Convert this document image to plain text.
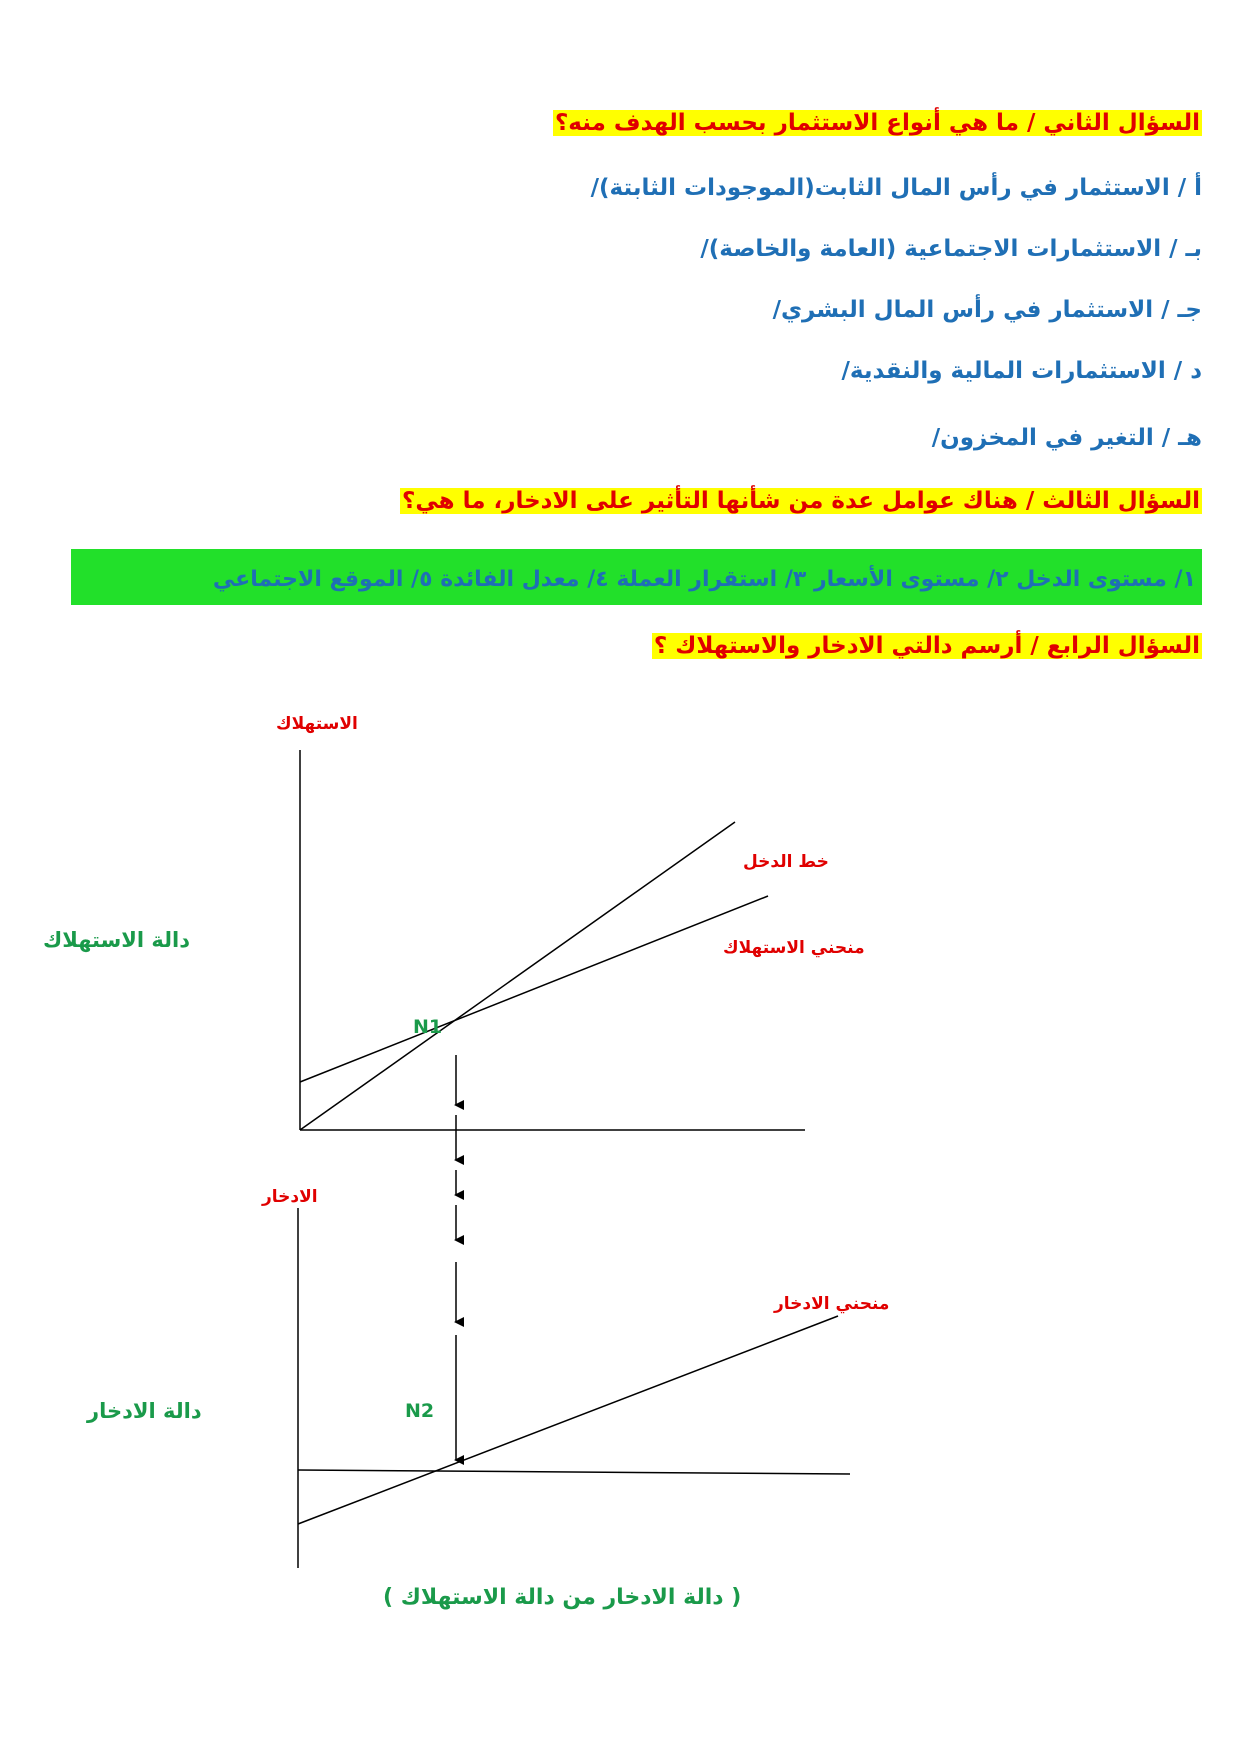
السؤال الثاني / ما هي أنواع الاستثمار بحسب الهدف منه؟
أ / الاستثمار في رأس المال الثابت(الموجودات الثابتة)/
بـ / الاستثمارات الاجتماعية (العامة والخاصة)/
جـ / الاستثمار في رأس المال البشري/
د / الاستثمارات المالية والنقدية/
هـ / التغير في المخزون/
السؤال الثالث / هناك عوامل عدة من شأنها التأثير على الادخار، ما هي؟
١/ مستوى الدخل ٢/ مستوى الأسعار ٣/ استقرار العملة ٤/ معدل الفائدة ٥/ الموقع الاجتماعي
السؤال الرابع / أرسم دالتي الادخار والاستهلاك ؟
الاستهلاك
خط الدخل
منحني الاستهلاك
دالة الاستهلاك
N1
الادخار
منحني الادخار
دالة الادخار	N2
( دالة الادخار من دالة الاستهلاك )
